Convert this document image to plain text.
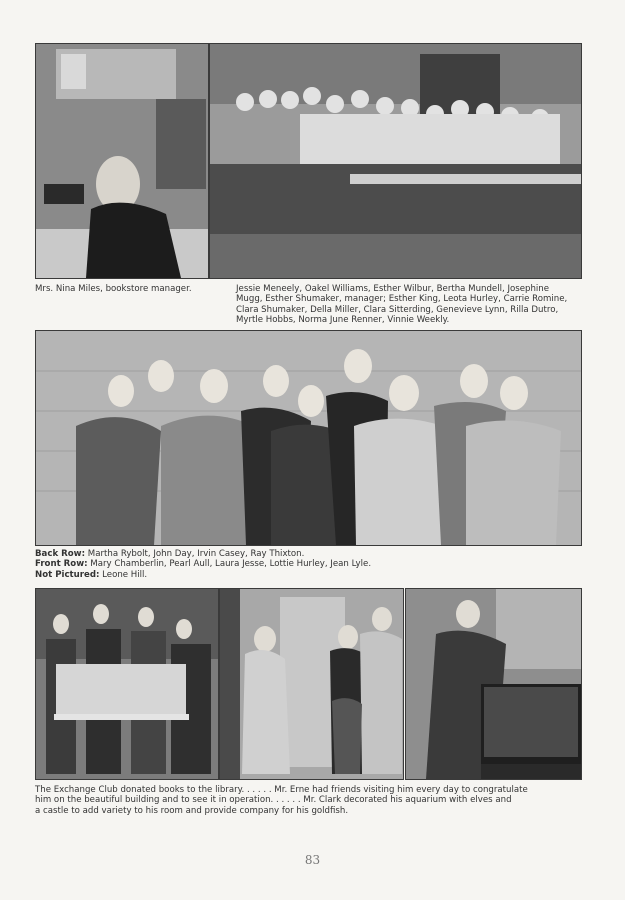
Mrs. Nina Miles, bookstore manager.	Jessie Meneely, Oakel Williams, Esther Wilbur, Bertha Mundell, Josephine
Mugg, Esther Shumaker, manager; Esther King, Leota Hurley, Carrie Romine,
Clara Shumaker, Della Miller, Clara Sitterding, Genevieve Lynn, Rilla Dutro,
Myrtle Hobbs, Norma June Renner, Vinnie Weekly.
Back Row: Martha Rybolt, John Day, Irvin Casey, Ray Thixton.
Front Row: Mary Chamberlin, Pearl Aull, Laura Jesse, Lottie Hurley, Jean Lyle.
Not Pictured: Leone Hill.
The Exchange Club donated books to the library. . . . . . Mr. Erne had friends visiting him every day to congratulate
him on the beautiful building and to see it in operation. . . . . . Mr. Clark decorated his aquarium with elves and
a castle to add variety to his room and provide company for his goldfish.
83
